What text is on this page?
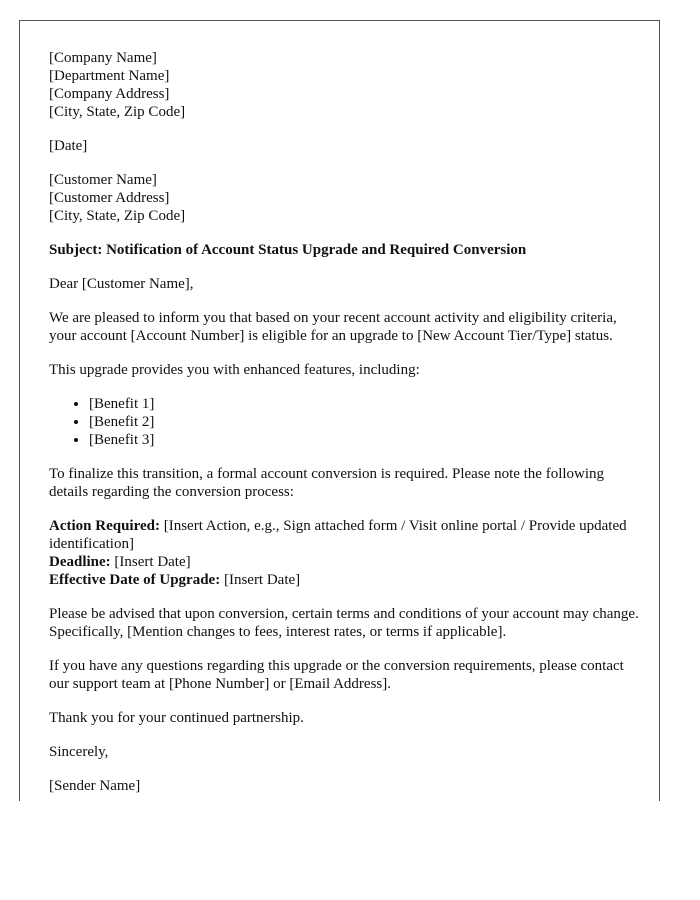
[Company Name]
[Department Name]
[Company Address]
[City, State, Zip Code]
[Date]
[Customer Name]
[Customer Address]
[City, State, Zip Code]
Subject: Notification of Account Status Upgrade and Required Conversion

Dear [Customer Name],

We are pleased to inform you that based on your recent account activity and eligibility criteria, your account [Account Number] is eligible for an upgrade to [New Account Tier/Type] status.

This upgrade provides you with enhanced features, including:

• [Benefit 1]
• [Benefit 2]
• [Benefit 3]

To finalize this transition, a formal account conversion is required. Please note the following details regarding the conversion process:

Action Required: [Insert Action, e.g., Sign attached form / Visit online portal / Provide updated identification]
Deadline: [Insert Date]
Effective Date of Upgrade: [Insert Date]

Please be advised that upon conversion, certain terms and conditions of your account may change. Specifically, [Mention changes to fees, interest rates, or terms if applicable].

If you have any questions regarding this upgrade or the conversion requirements, please contact our support team at [Phone Number] or [Email Address].

Thank you for your continued partnership.

Sincerely,

[Sender Name]
